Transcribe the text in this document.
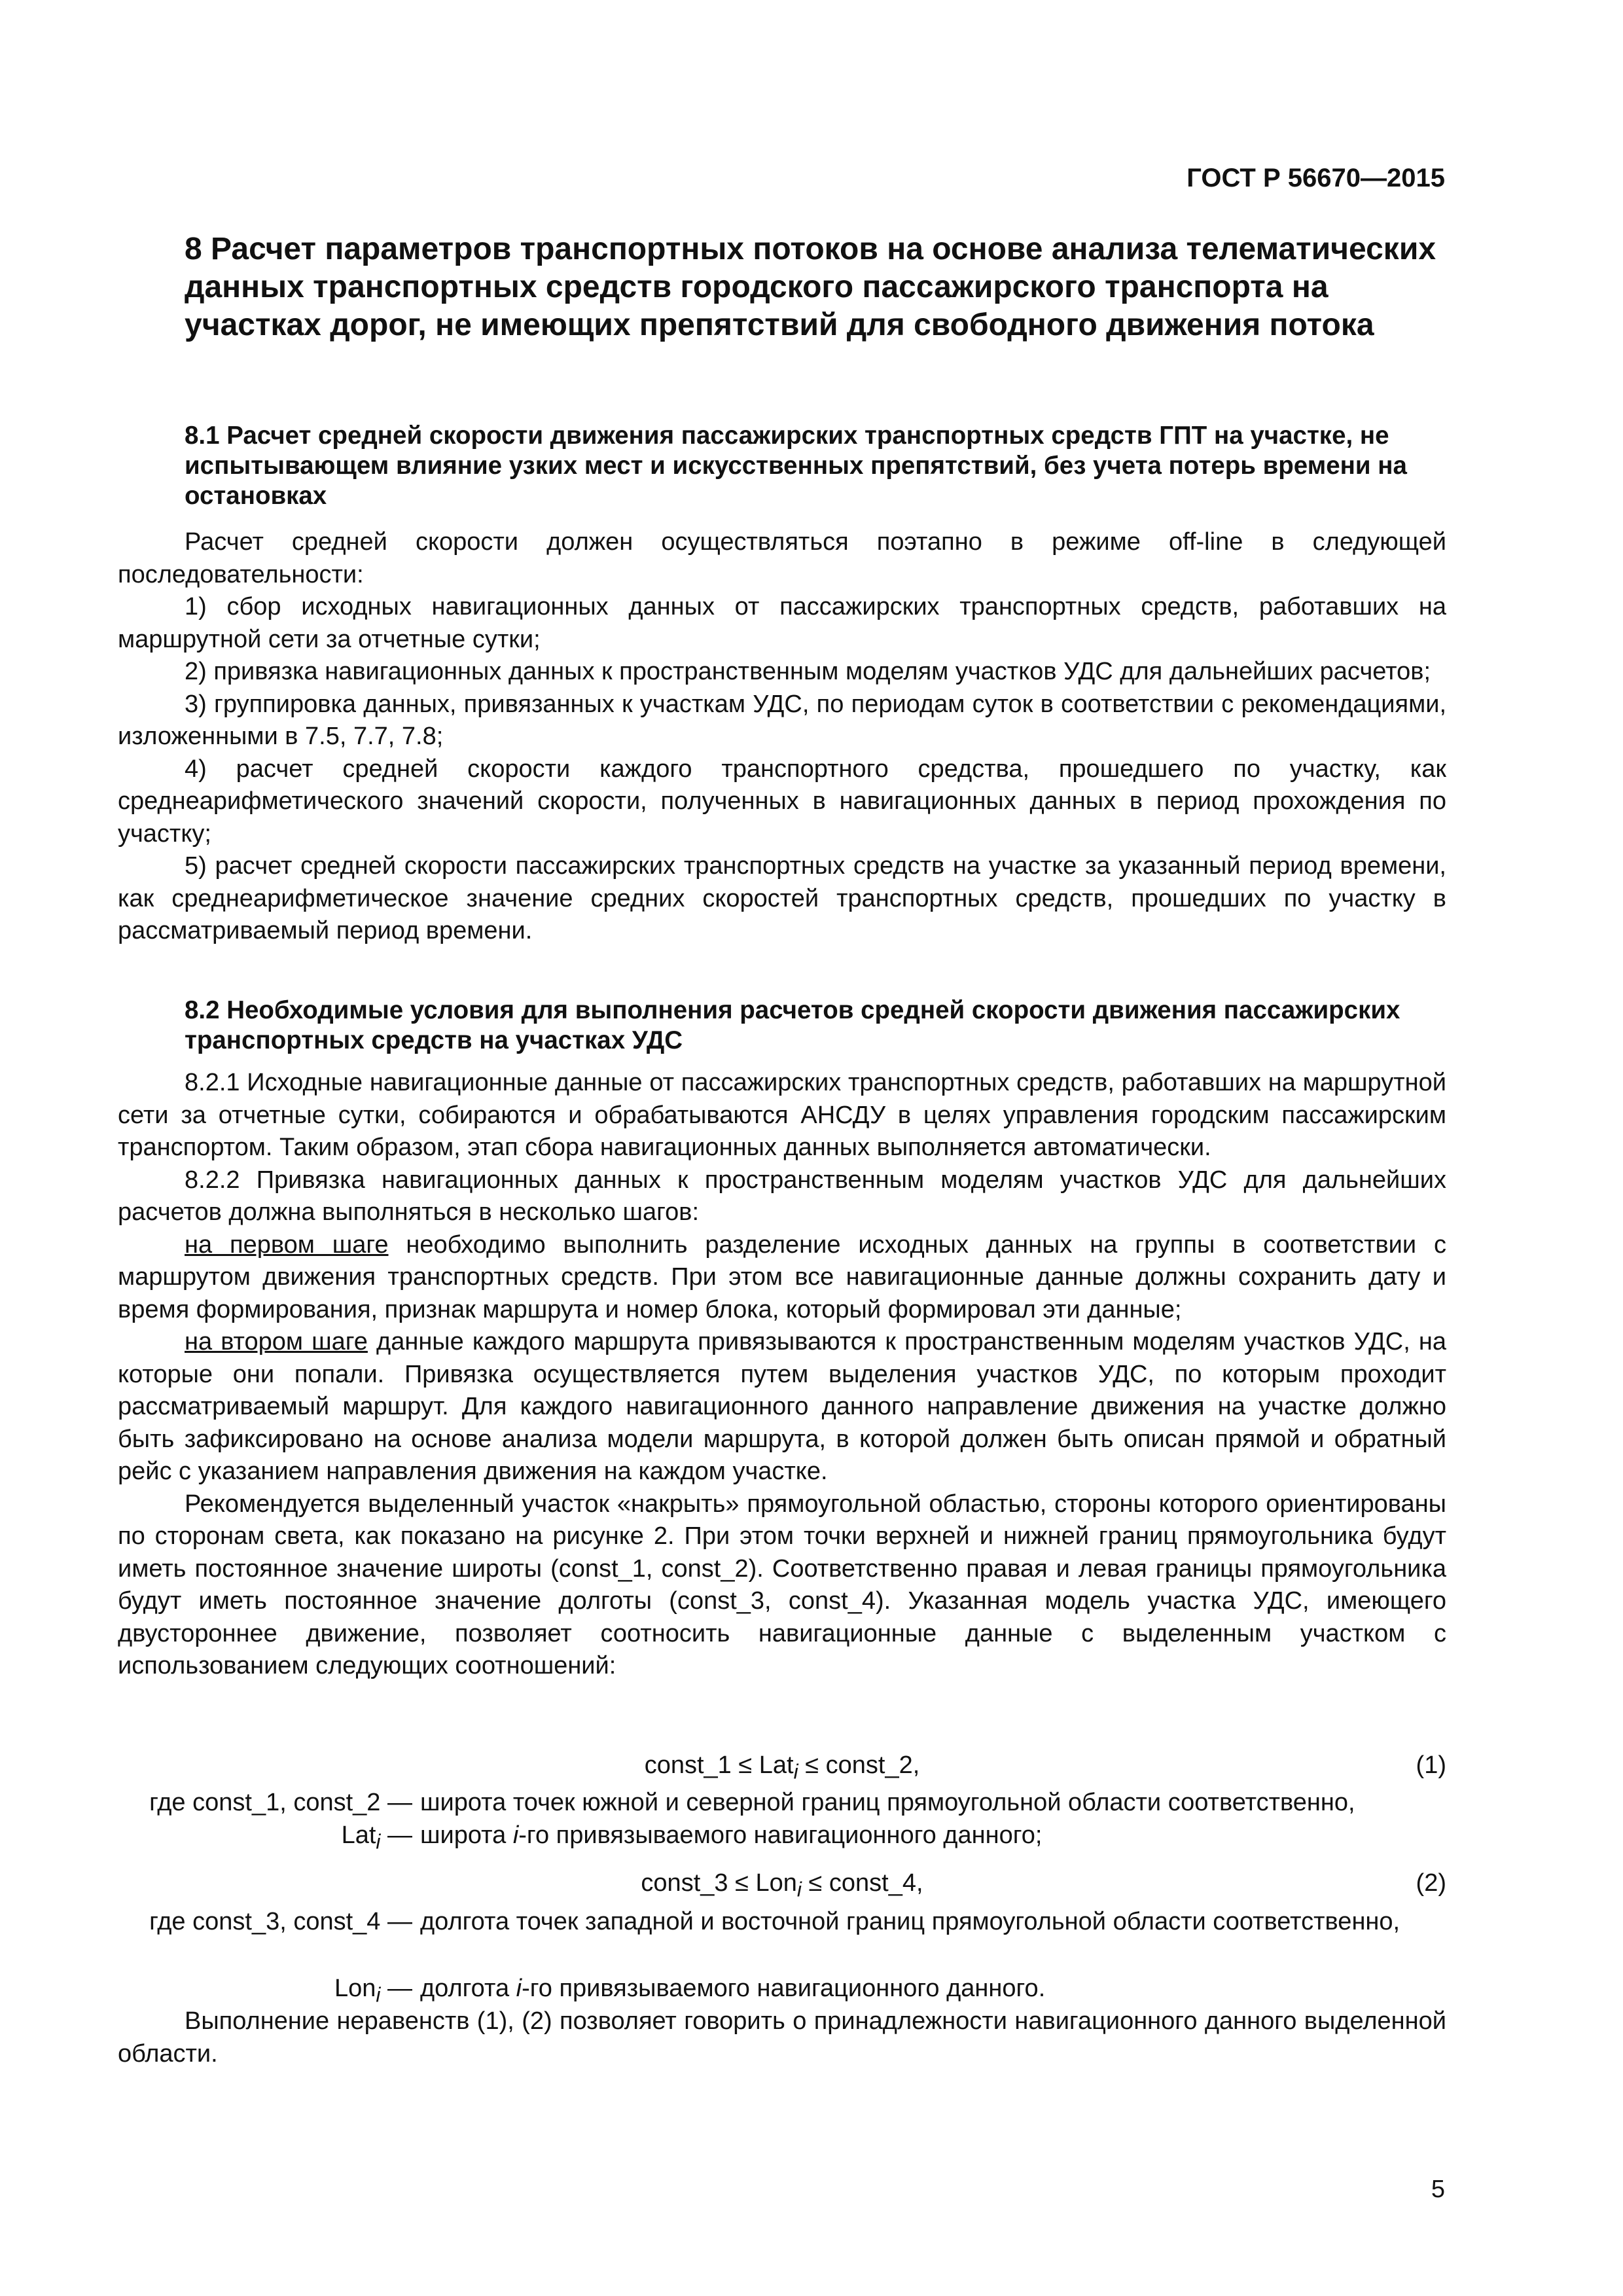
ГОСТ Р 56670—2015
8 Расчет параметров транспортных потоков на основе анализа телематических данных транспортных средств городского пассажирского транспорта на участках дорог, не имеющих препятствий для свободного движения потока
8.1 Расчет средней скорости движения пассажирских транспортных средств ГПТ на участке, не испытывающем влияние узких мест и искусственных препятствий, без учета потерь времени на остановках

Расчет средней скорости должен осуществляться поэтапно в режиме off-line в следующей последовательности:

1) сбор исходных навигационных данных от пассажирских транспортных средств, работавших на маршрутной сети за отчетные сутки;

2) привязка навигационных данных к пространственным моделям участков УДС для дальнейших расчетов;

3) группировка данных, привязанных к участкам УДС, по периодам суток в соответствии с рекомендациями, изложенными в 7.5, 7.7, 7.8;

4) расчет средней скорости каждого транспортного средства, прошедшего по участку, как среднеарифметического значений скорости, полученных в навигационных данных в период прохождения по участку;

5) расчет средней скорости пассажирских транспортных средств на участке за указанный период времени, как среднеарифметическое значение средних скоростей транспортных средств, прошедших по участку в рассматриваемый период времени.

8.2 Необходимые условия для выполнения расчетов средней скорости движения пассажирских транспортных средств на участках УДС

8.2.1 Исходные навигационные данные от пассажирских транспортных средств, работавших на маршрутной сети за отчетные сутки, собираются и обрабатываются АНСДУ в целях управления городским пассажирским транспортом. Таким образом, этап сбора навигационных данных выполняется автоматически.

8.2.2 Привязка навигационных данных к пространственным моделям участков УДС для дальнейших расчетов должна выполняться в несколько шагов:

на первом шаге необходимо выполнить разделение исходных данных на группы в соответствии с маршрутом движения транспортных средств. При этом все навигационные данные должны сохранить дату и время формирования, признак маршрута и номер блока, который формировал эти данные;

на втором шаге данные каждого маршрута привязываются к пространственным моделям участков УДС, на которые они попали. Привязка осуществляется путем выделения участков УДС, по которым проходит рассматриваемый маршрут. Для каждого навигационного данного направление движения на участке должно быть зафиксировано на основе анализа модели маршрута, в которой должен быть описан прямой и обратный рейс с указанием направления движения на каждом участке.

Рекомендуется выделенный участок «накрыть» прямоугольной областью, стороны которого ориентированы по сторонам света, как показано на рисунке 2. При этом точки верхней и нижней границ прямоугольника будут иметь постоянное значение широты (const_1, const_2). Соответственно правая и левая границы прямоугольника будут иметь постоянное значение долготы (const_3, const_4). Указанная модель участка УДС, имеющего двустороннее движение, позволяет соотносить навигационные данные с выделенным участком с использованием следующих соотношений:

const_1 ≤ Lat$_i$ ≤ const_2,	(1)
где const_1, const_2 — широта точек южной и северной границ прямоугольной области соответственно,
Lat$_i$ — широта i-го привязываемого навигационного данного;
const_3 ≤ Lon$_i$ ≤ const_4,	(2)
где const_3, const_4 — долгота точек западной и восточной границ прямоугольной области соответственно,
Lon$_i$ — долгота i-го привязываемого навигационного данного.

Выполнение неравенств (1), (2) позволяет говорить о принадлежности навигационного данного выделенной области.

5
